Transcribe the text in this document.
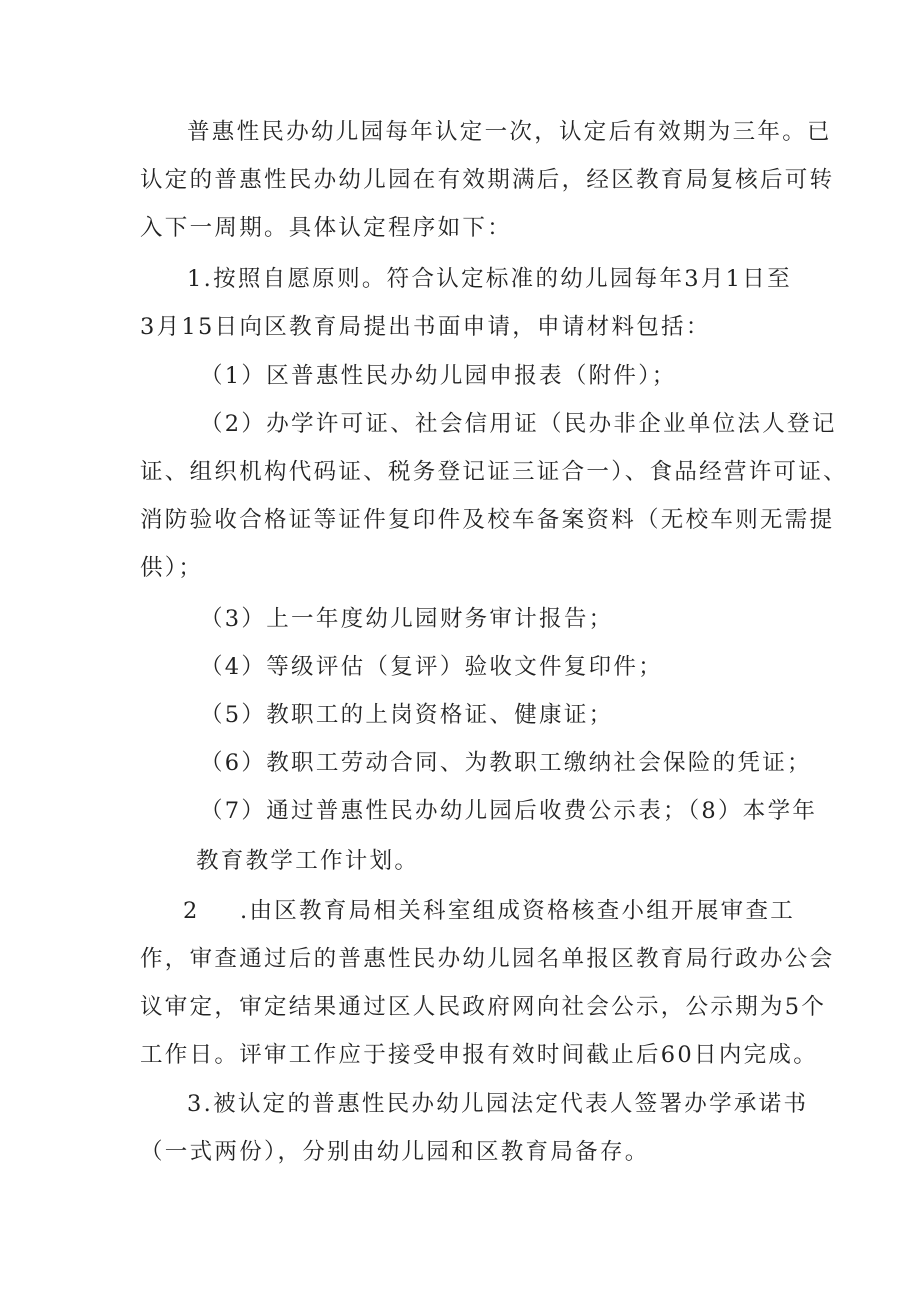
普惠性民办幼儿园每年认定一次，认定后有效期为三年。已
认定的普惠性民办幼儿园在有效期满后，经区教育局复核后可转
入下一周期。具体认定程序如下：
1.按照自愿原则。符合认定标准的幼儿园每年3月1日至
3月15日向区教育局提出书面申请，申请材料包括：
（1）区普惠性民办幼儿园申报表（附件）；
（2）办学许可证、社会信用证（民办非企业单位法人登记
证、组织机构代码证、税务登记证三证合一）、食品经营许可证、
消防验收合格证等证件复印件及校车备案资料（无校车则无需提
供）；
（3）上一年度幼儿园财务审计报告；
（4）等级评估（复评）验收文件复印件；
（5）教职工的上岗资格证、健康证；
（6）教职工劳动合同、为教职工缴纳社会保险的凭证；
（7）通过普惠性民办幼儿园后收费公示表；（8）本学年
教育教学工作计划。
2 .由区教育局相关科室组成资格核查小组开展审查工
作，审查通过后的普惠性民办幼儿园名单报区教育局行政办公会
议审定，审定结果通过区人民政府网向社会公示，公示期为5个
工作日。评审工作应于接受申报有效时间截止后60日内完成。
3.被认定的普惠性民办幼儿园法定代表人签署办学承诺书
（一式两份），分别由幼儿园和区教育局备存。
